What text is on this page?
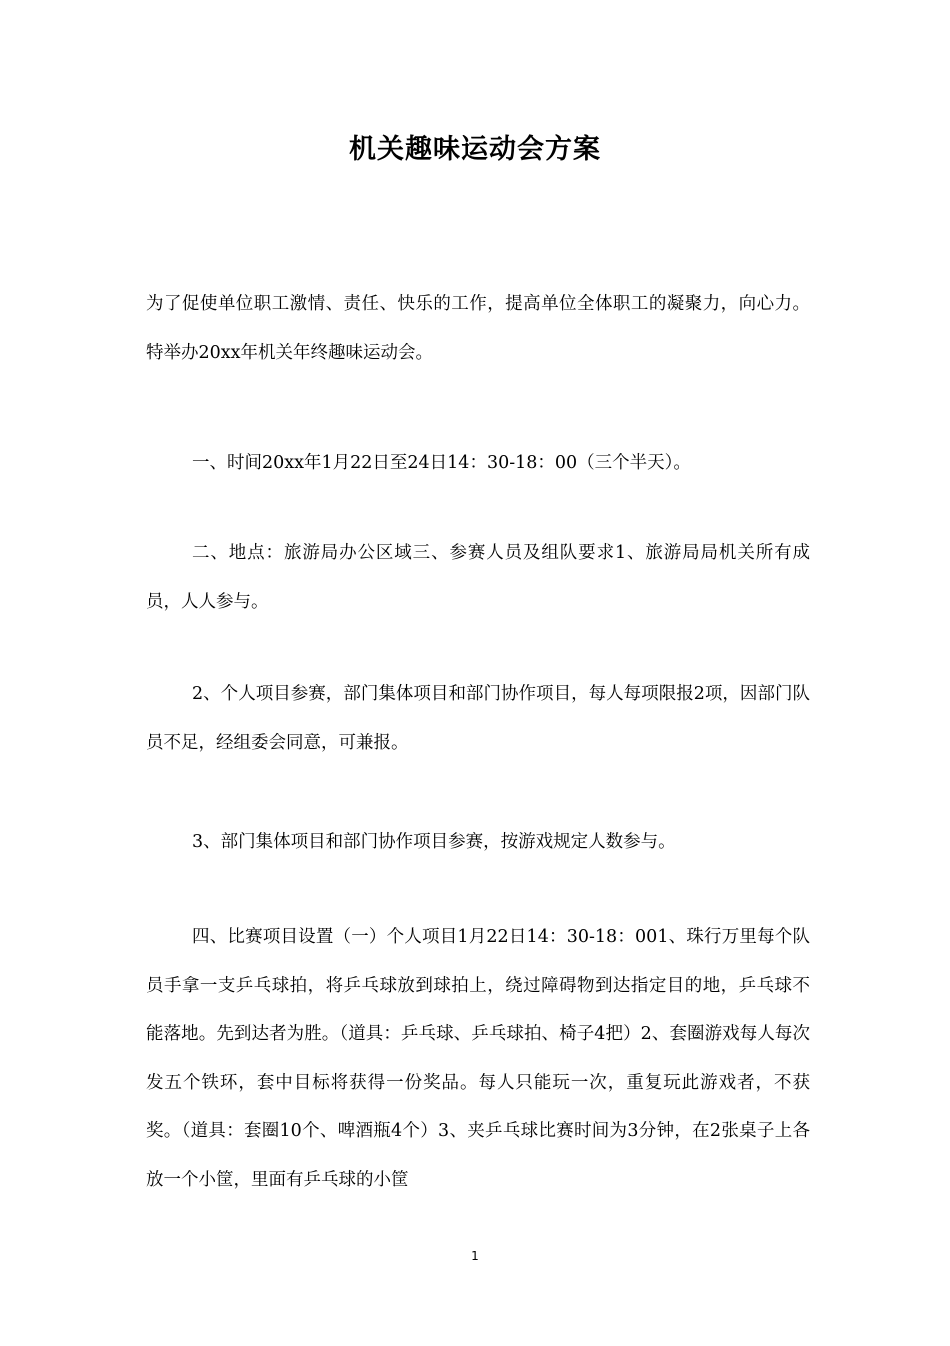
机关趣味运动会方案

为了促使单位职工激情、责任、快乐的工作，提高单位全体职工的凝聚力，向心力。特举办20xx年机关年终趣味运动会。

一、时间20xx年1月22日至24日14：30-18：00（三个半天）。

二、地点：旅游局办公区域三、参赛人员及组队要求1、旅游局局机关所有成员，人人参与。

2、个人项目参赛，部门集体项目和部门协作项目，每人每项限报2项，因部门队员不足，经组委会同意，可兼报。

3、部门集体项目和部门协作项目参赛，按游戏规定人数参与。

四、比赛项目设置（一）个人项目1月22日14：30-18：001、珠行万里每个队员手拿一支乒乓球拍，将乒乓球放到球拍上，绕过障碍物到达指定目的地，乒乓球不能落地。先到达者为胜。（道具：乒乓球、乒乓球拍、椅子4把）2、套圈游戏每人每次发五个铁环，套中目标将获得一份奖品。每人只能玩一次，重复玩此游戏者，不获奖。（道具：套圈10个、啤酒瓶4个）3、夹乒乓球比赛时间为3分钟，在2张桌子上各放一个小筐，里面有乒乓球的小筐

1
